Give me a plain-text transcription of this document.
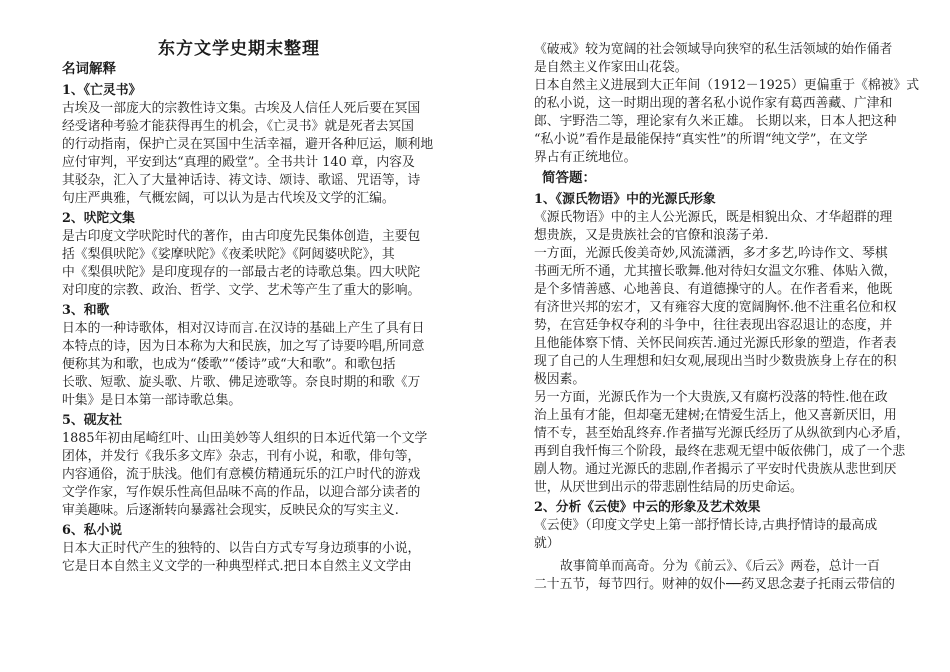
东方文学史期末整理
名词解释
1、《亡灵书》
古埃及一部庞大的宗教性诗文集。古埃及人信任人死后要在冥国
经受诸种考验才能获得再生的机会，《亡灵书》就是死者去冥国
的行动指南，保护亡灵在冥国中生活幸福，避开各种厄运，顺利地
应付审判，平安到达“真理的殿堂”。全书共计 140 章，内容及
其驳杂，汇入了大量神话诗、祷文诗、颂诗、歌谣、咒语等，诗
句庄严典雅，气概宏阔，可以认为是古代埃及文学的汇编。
2、吠陀文集
是古印度文学吠陀时代的著作，由古印度先民集体创造，主要包
括《梨俱吠陀》《娑摩吠陀》《夜柔吠陀》《阿闼婆吠陀》，其
中《梨俱吠陀》是印度现存的一部最古老的诗歌总集。四大吠陀
对印度的宗教、政治、哲学、文学、艺术等产生了重大的影响。
3、和歌
日本的一种诗歌体，相对汉诗而言.在汉诗的基础上产生了具有日
本特点的诗，因为日本称为大和民族，加之写了诗要吟唱,所同意
便称其为和歌，也成为“倭歌”“倭诗”或“大和歌”。和歌包括
长歌、短歌、旋头歌、片歌、佛足迹歌等。奈良时期的和歌《万
叶集》是日本第一部诗歌总集。
5、砚友社
1885年初由尾崎红叶、山田美妙等人组织的日本近代第一个文学
团体，并发行《我乐多文库》杂志，刊有小说，和歌，俳句等，
内容通俗，流于肤浅。他们有意模仿精通玩乐的江户时代的游戏
文学作家，写作娱乐性高但品味不高的作品，以迎合部分读者的
审美趣味。后逐渐转向暴露社会现实，反映民众的写实主义.
6、私小说
日本大正时代产生的独特的、以告白方式专写身边琐事的小说，
它是日本自然主义文学的一种典型样式.把日本自然主义文学由
《破戒》较为宽阔的社会领域导向狭窄的私生活领域的始作俑者
是自然主义作家田山花袋。
日本自然主义进展到大正年间（1912－1925）更偏重于《棉被》式
的私小说，这一时期出现的著名私小说作家有葛西善藏、广津和
郎、宇野浩二等，理论家有久米正雄。 长期以来，日本人把这种
“私小说”看作是最能保持“真实性”的所谓“纯文学”，在文学
界占有正统地位。
简答题：
1、《源氏物语》中的光源氏形象
《源氏物语》中的主人公光源氏，既是相貌出众、才华超群的理
想贵族，又是贵族社会的官僚和浪荡子弟.
一方面，光源氏俊美奇妙,风流潇洒，多才多艺,吟诗作文、琴棋
书画无所不通，尤其擅长歌舞.他对待妇女温文尔雅、体贴入微，
是个多情善感、心地善良、有道德操守的人。在作者看来，他既
有济世兴邦的宏才，又有雍容大度的宽阔胸怀.他不注重名位和权
势，在宫廷争权夺利的斗争中，往往表现出容忍退让的态度，并
且他能体察下情、关怀民间疾苦.通过光源氏形象的塑造，作者表
现了自己的人生理想和妇女观,展现出当时少数贵族身上存在的积
极因素。
另一方面，光源氏作为一个大贵族,又有腐朽没落的特性.他在政
治上虽有才能，但却毫无建树;在情爱生活上，他又喜新厌旧，用
情不专，甚至始乱终弃.作者描写光源氏经历了从纵欲到内心矛盾，
再到自我忏悔三个阶段，最终在悲观无望中皈依佛门，成了一个悲
剧人物。通过光源氏的悲剧,作者揭示了平安时代贵族从悲世到厌
世，从厌世到出示的带悲剧性结局的历史命运。
2、分析《云使》中云的形象及艺术效果
《云使》（印度文学史上第一部抒情长诗,古典抒情诗的最高成
就）
故事简单而高奇。分为《前云》、《后云》两卷，总计一百
二十五节，每节四行。财神的奴仆──药叉思念妻子托雨云带信的
